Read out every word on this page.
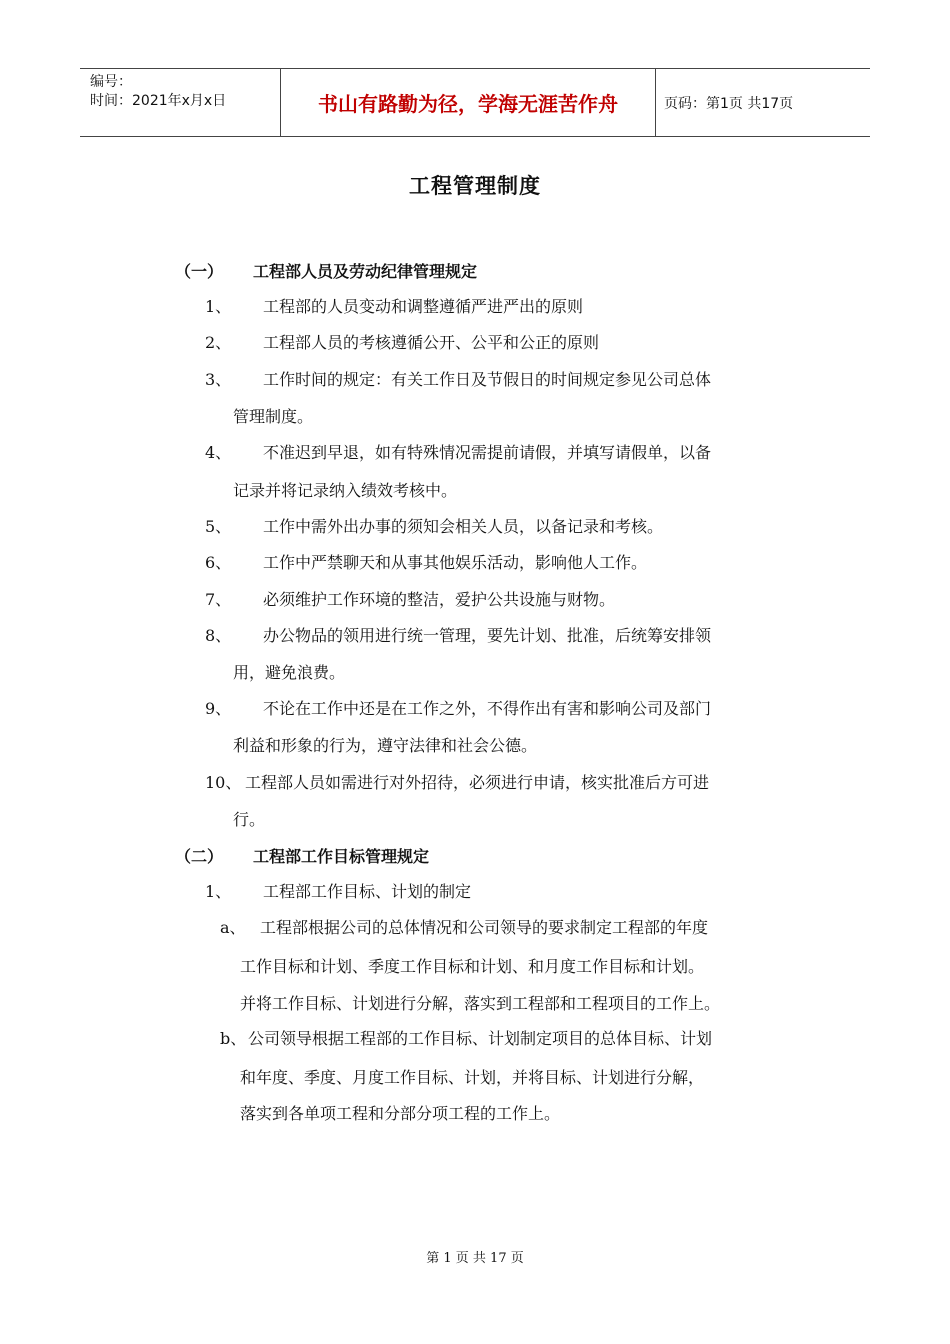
编号：
时间：2021年x月x日	书山有路勤为径，学海无涯苦作舟	页码：第1页 共17页
工程管理制度
（一） 工程部人员及劳动纪律管理规定
1、 工程部的人员变动和调整遵循严进严出的原则
2、 工程部人员的考核遵循公开、公平和公正的原则
3、 工作时间的规定：有关工作日及节假日的时间规定参见公司总体
管理制度。
4、 不准迟到早退，如有特殊情况需提前请假，并填写请假单，以备
记录并将记录纳入绩效考核中。
5、 工作中需外出办事的须知会相关人员，以备记录和考核。
6、 工作中严禁聊天和从事其他娱乐活动，影响他人工作。
7、 必须维护工作环境的整洁，爱护公共设施与财物。
8、 办公物品的领用进行统一管理，要先计划、批准，后统筹安排领
用，避免浪费。
9、 不论在工作中还是在工作之外，不得作出有害和影响公司及部门
利益和形象的行为，遵守法律和社会公德。
10、 工程部人员如需进行对外招待，必须进行申请，核实批准后方可进
行。
（二） 工程部工作目标管理规定
1、 工程部工作目标、计划的制定
a、 工程部根据公司的总体情况和公司领导的要求制定工程部的年度
工作目标和计划、季度工作目标和计划、和月度工作目标和计划。
并将工作目标、计划进行分解，落实到工程部和工程项目的工作上。
b、 公司领导根据工程部的工作目标、计划制定项目的总体目标、计划
和年度、季度、月度工作目标、计划，并将目标、计划进行分解，
落实到各单项工程和分部分项工程的工作上。
第 1 页 共 17 页
